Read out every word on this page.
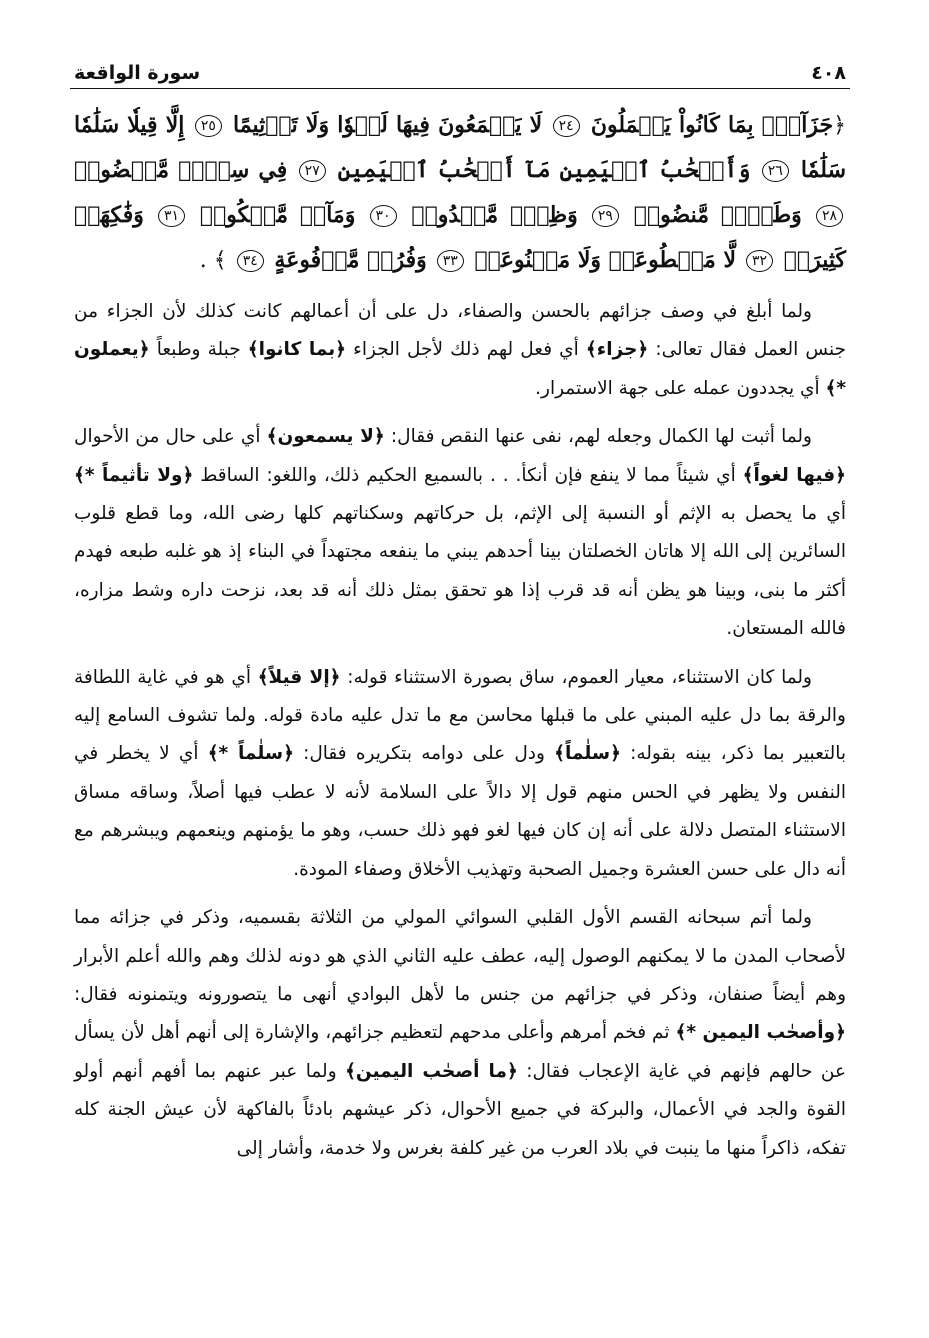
٤٠٨
سورة الواقعة
﴿جَزَآءَۢ بِمَا كَانُواْ يَعۡمَلُونَ ٢٤ لَا يَسۡمَعُونَ فِيهَا لَغۡوٗا وَلَا تَأۡثِيمًا ٢٥ إِلَّا قِيلٗا سَلَٰمٗا سَلَٰمٗا ٢٦ وَأَصۡحَٰبُ ٱلۡيَمِينِ مَآ أَصۡحَٰبُ ٱلۡيَمِينِ ٢٧ فِي سِدۡرٖ مَّخۡضُودٖ ٢٨ وَطَلۡحٖ مَّنضُودٖ ٢٩ وَظِلّٖ مَّمۡدُودٖ ٣٠ وَمَآءٖ مَّسۡكُوبٖ ٣١ وَفَٰكِهَةٖ كَثِيرَةٖ ٣٢ لَّا مَقۡطُوعَةٖ وَلَا مَمۡنُوعَةٖ ٣٣ وَفُرُشٖ مَّرۡفُوعَةٍ ٣٤ ﴾ .

ولما أبلغ في وصف جزائهم بالحسن والصفاء، دل على أن أعمالهم كانت كذلك لأن الجزاء من جنس العمل فقال تعالى: ﴿جزاء﴾ أي فعل لهم ذلك لأجل الجزاء ﴿بما كانوا﴾ جبلة وطبعاً ﴿يعملون *﴾ أي يجددون عمله على جهة الاستمرار.

ولما أثبت لها الكمال وجعله لهم، نفى عنها النقص فقال: ﴿لا يسمعون﴾ أي على حال من الأحوال ﴿فيها لغواً﴾ أي شيئاً مما لا ينفع فإن أنكأ. . . بالسميع الحكيم ذلك، واللغو: الساقط ﴿ولا تأثيماً *﴾ أي ما يحصل به الإثم أو النسبة إلى الإثم، بل حركاتهم وسكناتهم كلها رضى الله، وما قطع قلوب السائرين إلى الله إلا هاتان الخصلتان بينا أحدهم يبني ما ينفعه مجتهداً في البناء إذ هو غلبه طبعه فهدم أكثر ما بنى، وبينا هو يظن أنه قد قرب إذا هو تحقق بمثل ذلك أنه قد بعد، نزحت داره وشط مزاره، فالله المستعان.

ولما كان الاستثناء، معيار العموم، ساق بصورة الاستثناء قوله: ﴿إلا قيلاً﴾ أي هو في غاية اللطافة والرقة بما دل عليه المبني على ما قبلها محاسن مع ما تدل عليه مادة قوله. ولما تشوف السامع إليه بالتعبير بما ذكر، بينه بقوله: ﴿سلٰماً﴾ ودل على دوامه بتكريره فقال: ﴿سلٰماً *﴾ أي لا يخطر في النفس ولا يظهر في الحس منهم قول إلا دالاً على السلامة لأنه لا عطب فيها أصلاً، وساقه مساق الاستثناء المتصل دلالة على أنه إن كان فيها لغو فهو ذلك حسب، وهو ما يؤمنهم وينعمهم ويبشرهم مع أنه دال على حسن العشرة وجميل الصحبة وتهذيب الأخلاق وصفاء المودة.

ولما أتم سبحانه القسم الأول القلبي السوائي المولي من الثلاثة بقسميه، وذكر في جزائه مما لأصحاب المدن ما لا يمكنهم الوصول إليه، عطف عليه الثاني الذي هو دونه لذلك وهم والله أعلم الأبرار وهم أيضاً صنفان، وذكر في جزائهم من جنس ما لأهل البوادي أنهى ما يتصورونه ويتمنونه فقال: ﴿وأصحٰب اليمين *﴾ ثم فخم أمرهم وأعلى مدحهم لتعظيم جزائهم، والإشارة إلى أنهم أهل لأن يسأل عن حالهم فإنهم في غاية الإعجاب فقال: ﴿ما أصحٰب اليمين﴾ ولما عبر عنهم بما أفهم أنهم أولو القوة والجد في الأعمال، والبركة في جميع الأحوال، ذكر عيشهم بادئاً بالفاكهة لأن عيش الجنة كله تفكه، ذاكراً منها ما ينبت في بلاد العرب من غير كلفة بغرس ولا خدمة، وأشار إلى
